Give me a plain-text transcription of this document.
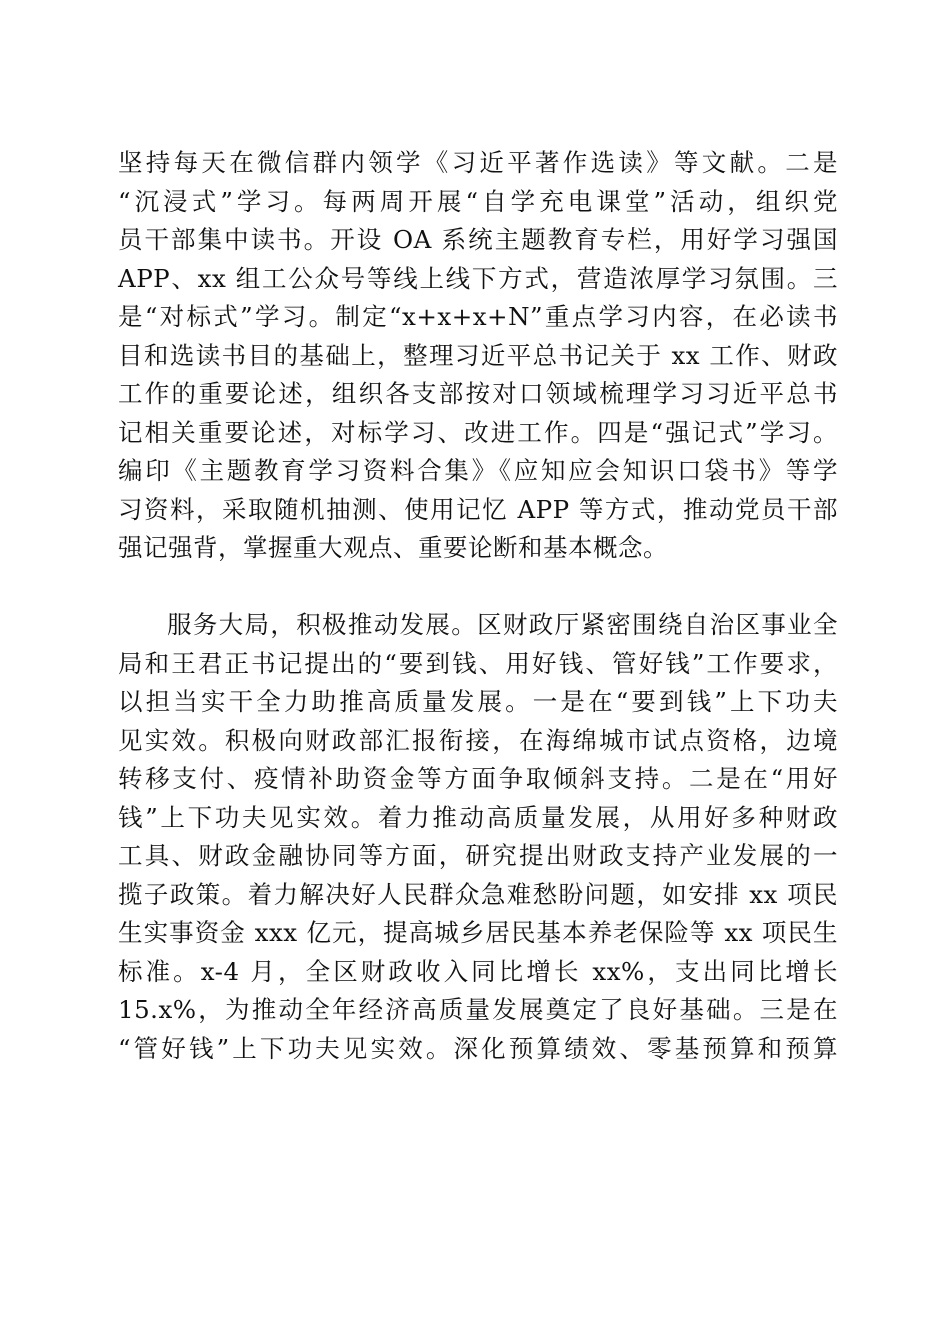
坚持每天在微信群内领学《习近平著作选读》等文献。二是
“沉浸式”学习。每两周开展“自学充电课堂”活动，组织党
员干部集中读书。开设 OA 系统主题教育专栏，用好学习强国
APP、xx 组工公众号等线上线下方式，营造浓厚学习氛围。三
是“对标式”学习。制定“x+x+x+N”重点学习内容，在必读书
目和选读书目的基础上，整理习近平总书记关于 xx 工作、财政
工作的重要论述，组织各支部按对口领域梳理学习习近平总书
记相关重要论述，对标学习、改进工作。四是“强记式”学习。
编印《主题教育学习资料合集》《应知应会知识口袋书》等学
习资料，采取随机抽测、使用记忆 APP 等方式，推动党员干部
强记强背，掌握重大观点、重要论断和基本概念。
服务大局，积极推动发展。区财政厅紧密围绕自治区事业全
局和王君正书记提出的“要到钱、用好钱、管好钱”工作要求，
以担当实干全力助推高质量发展。一是在“要到钱”上下功夫
见实效。积极向财政部汇报衔接，在海绵城市试点资格，边境
转移支付、疫情补助资金等方面争取倾斜支持。二是在“用好
钱”上下功夫见实效。着力推动高质量发展，从用好多种财政
工具、财政金融协同等方面，研究提出财政支持产业发展的一
揽子政策。着力解决好人民群众急难愁盼问题，如安排 xx 项民
生实事资金 xxx 亿元，提高城乡居民基本养老保险等 xx 项民生
标准。x-4 月，全区财政收入同比增长 xx%，支出同比增长
15.x%，为推动全年经济高质量发展奠定了良好基础。三是在
“管好钱”上下功夫见实效。深化预算绩效、零基预算和预算
